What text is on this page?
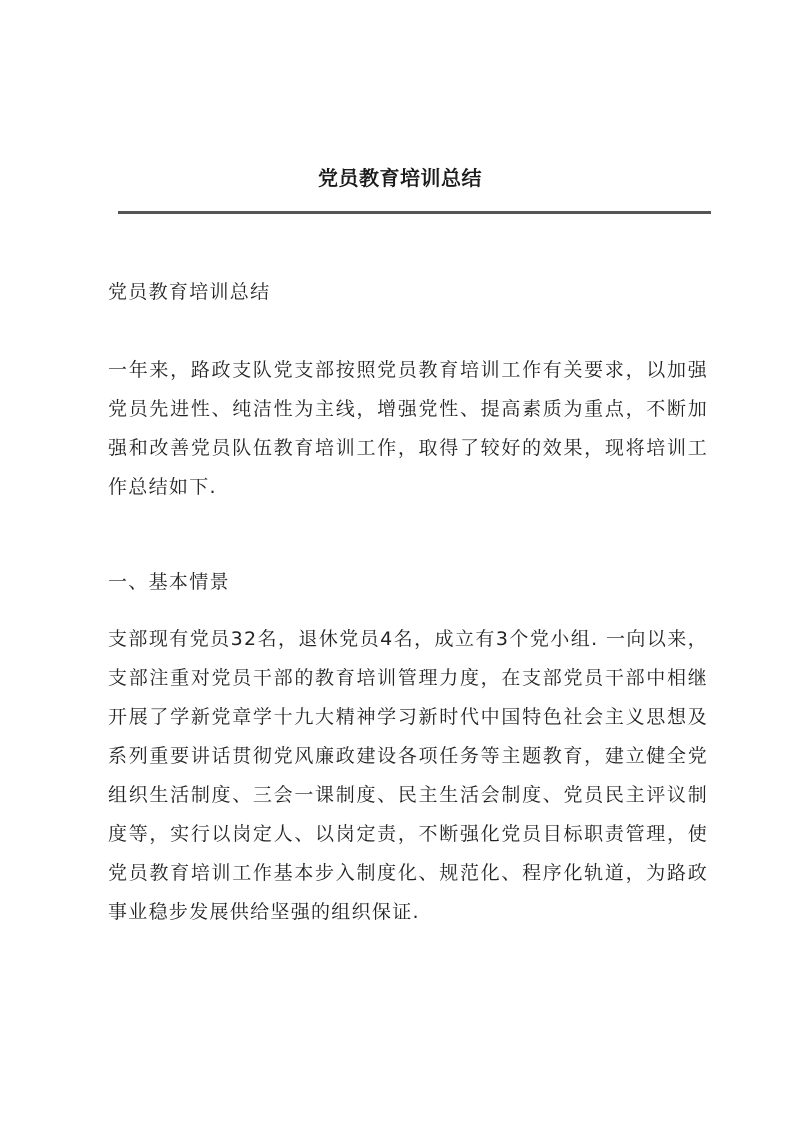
党员教育培训总结

党员教育培训总结

一年来，路政支队党支部按照党员教育培训工作有关要求，以加强党员先进性、纯洁性为主线，增强党性、提高素质为重点，不断加强和改善党员队伍教育培训工作，取得了较好的效果，现将培训工作总结如下.

一、基本情景

支部现有党员32名，退休党员4名，成立有3个党小组. 一向以来，支部注重对党员干部的教育培训管理力度，在支部党员干部中相继开展了学新党章学十九大精神学习新时代中国特色社会主义思想及系列重要讲话贯彻党风廉政建设各项任务等主题教育，建立健全党组织生活制度、三会一课制度、民主生活会制度、党员民主评议制度等，实行以岗定人、以岗定责，不断强化党员目标职责管理，使党员教育培训工作基本步入制度化、规范化、程序化轨道，为路政事业稳步发展供给坚强的组织保证.
